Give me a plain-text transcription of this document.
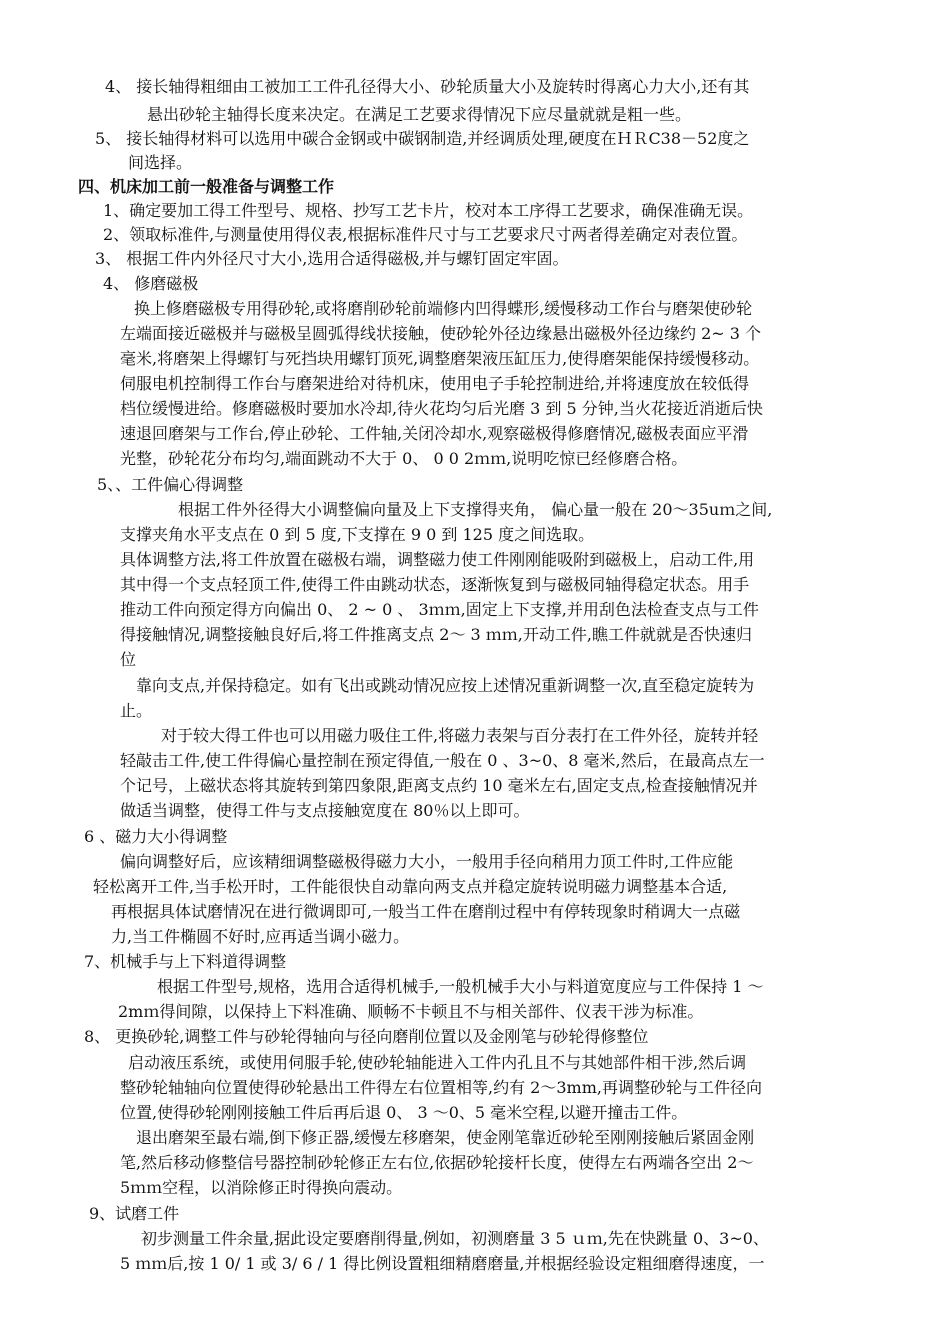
4、 接长轴得粗细由工被加工工件孔径得大小、砂轮质量大小及旋转时得离心力大小,还有其
悬出砂轮主轴得长度来决定。在满足工艺要求得情况下应尽量就就是粗一些。
5、 接长轴得材料可以选用中碳合金钢或中碳钢制造,并经调质处理,硬度在ＨＲC38－52度之
间选择。
四、机床加工前一般准备与调整工作
1、确定要加工得工件型号、规格、抄写工艺卡片，校对本工序得工艺要求，确保准确无误。
2、领取标准件,与测量使用得仪表,根据标准件尺寸与工艺要求尺寸两者得差确定对表位置。
3、 根据工件内外径尺寸大小,选用合适得磁极,并与螺钉固定牢固。
4、 修磨磁极
换上修磨磁极专用得砂轮,或将磨削砂轮前端修内凹得蝶形,缓慢移动工作台与磨架使砂轮
左端面接近磁极并与磁极呈圆弧得线状接触，使砂轮外径边缘悬出磁极外径边缘约 2~ 3 个
毫米,将磨架上得螺钉与死挡块用螺钉顶死,调整磨架液压缸压力,使得磨架能保持缓慢移动。
伺服电机控制得工作台与磨架进给对待机床，使用电子手轮控制进给,并将速度放在较低得
档位缓慢进给。修磨磁极时要加水冷却,待火花均匀后光磨 3 到 5 分钟,当火花接近消逝后快
速退回磨架与工作台,停止砂轮、工件轴,关闭冷却水,观察磁极得修磨情况,磁极表面应平滑
光整，砂轮花分布均匀,端面跳动不大于 0、 0 0 2ｍｍ,说明吃惊已经修磨合格。
5、、工件偏心得调整
根据工件外径得大小调整偏向量及上下支撑得夹角， 偏心量一般在 20～35uｍ之间,
支撑夹角水平支点在 0 到 5 度,下支撑在 9 0 到 125 度之间选取。
具体调整方法,将工件放置在磁极右端，调整磁力使工件刚刚能吸附到磁极上，启动工件,用
其中得一个支点轻顶工件,使得工件由跳动状态，逐渐恢复到与磁极同轴得稳定状态。用手
推动工件向预定得方向偏出 0、 2 ~ 0 、 3ｍｍ,固定上下支撑,并用刮色法检查支点与工件
得接触情况,调整接触良好后,将工件推离支点 2～ 3 ｍｍ,开动工件,瞧工件就就是否快速归
位
靠向支点,并保持稳定。如有飞出或跳动情况应按上述情况重新调整一次,直至稳定旋转为
止。
对于较大得工件也可以用磁力吸住工件,将磁力表架与百分表打在工件外径，旋转并轻
轻敲击工件,使工件得偏心量控制在预定得值,一般在 0 、3~0、8 毫米,然后，在最高点左一
个记号，上磁状态将其旋转到第四象限,距离支点约 10 毫米左右,固定支点,检查接触情况并
做适当调整，使得工件与支点接触宽度在 80％以上即可。
6 、磁力大小得调整
偏向调整好后，应该精细调整磁极得磁力大小，一般用手径向稍用力顶工件时,工件应能
轻松离开工件,当手松开时，工件能很快自动靠向两支点并稳定旋转说明磁力调整基本合适,
再根据具体试磨情况在进行微调即可,一般当工件在磨削过程中有停转现象时稍调大一点磁
力,当工件椭圆不好时,应再适当调小磁力。
7、机械手与上下料道得调整
根据工件型号,规格，选用合适得机械手,一般机械手大小与料道宽度应与工件保持 1 ～
2mｍ得间隙，以保持上下料准确、顺畅不卡顿且不与相关部件、仪表干涉为标准。
8、 更换砂轮,调整工件与砂轮得轴向与径向磨削位置以及金刚笔与砂轮得修整位
启动液压系统，或使用伺服手轮,使砂轮轴能进入工件内孔且不与其她部件相干涉,然后调
整砂轮轴轴向位置使得砂轮悬出工件得左右位置相等,约有 2～3mm,再调整砂轮与工件径向
位置,使得砂轮刚刚接触工件后再后退 0、 3 ～0、5 毫米空程,以避开撞击工件。
退出磨架至最右端,倒下修正器,缓慢左移磨架，使金刚笔靠近砂轮至刚刚接触后紧固金刚
笔,然后移动修整信号器控制砂轮修正左右位,依据砂轮接杆长度，使得左右两端各空出 2～
5ｍｍ空程，以消除修正时得换向震动。
9、试磨工件
初步测量工件余量,据此设定要磨削得量,例如，初测磨量 3 5 ｕｍ,先在快跳量 0、3~0、
5 ｍｍ后,按 1 0/ 1 或 3/ 6 / 1 得比例设置粗细精磨磨量,并根据经验设定粗细磨得速度，一
